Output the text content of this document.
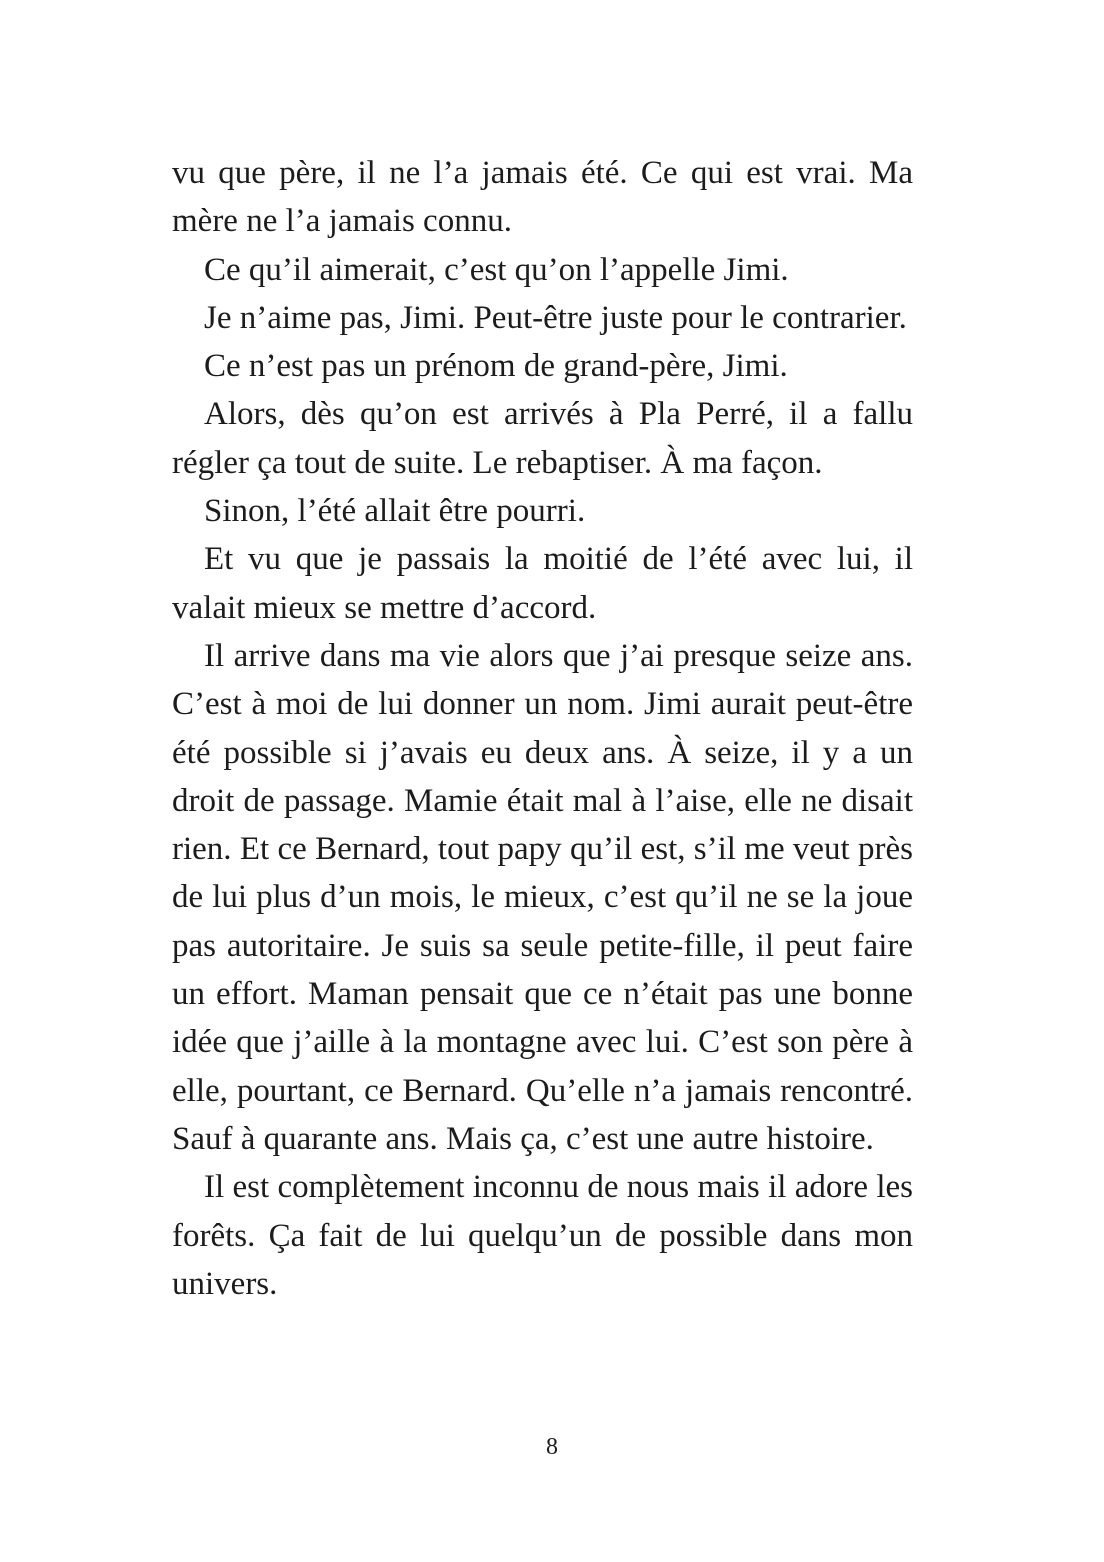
vu que père, il ne l’a jamais été. Ce qui est vrai. Ma mère ne l’a jamais connu.

Ce qu’il aimerait, c’est qu’on l’appelle Jimi.

Je n’aime pas, Jimi. Peut-être juste pour le contrarier.

Ce n’est pas un prénom de grand-père, Jimi.

Alors, dès qu’on est arrivés à Pla Perré, il a fallu régler ça tout de suite. Le rebaptiser. À ma façon.

Sinon, l’été allait être pourri.

Et vu que je passais la moitié de l’été avec lui, il valait mieux se mettre d’accord.

Il arrive dans ma vie alors que j’ai presque seize ans. C’est à moi de lui donner un nom. Jimi aurait peut-être été possible si j’avais eu deux ans. À seize, il y a un droit de passage. Mamie était mal à l’aise, elle ne disait rien. Et ce Bernard, tout papy qu’il est, s’il me veut près de lui plus d’un mois, le mieux, c’est qu’il ne se la joue pas autoritaire. Je suis sa seule petite-fille, il peut faire un effort. Maman pensait que ce n’était pas une bonne idée que j’aille à la montagne avec lui. C’est son père à elle, pourtant, ce Bernard. Qu’elle n’a jamais rencontré. Sauf à quarante ans. Mais ça, c’est une autre histoire.

Il est complètement inconnu de nous mais il adore les forêts. Ça fait de lui quelqu’un de possible dans mon univers.

8
